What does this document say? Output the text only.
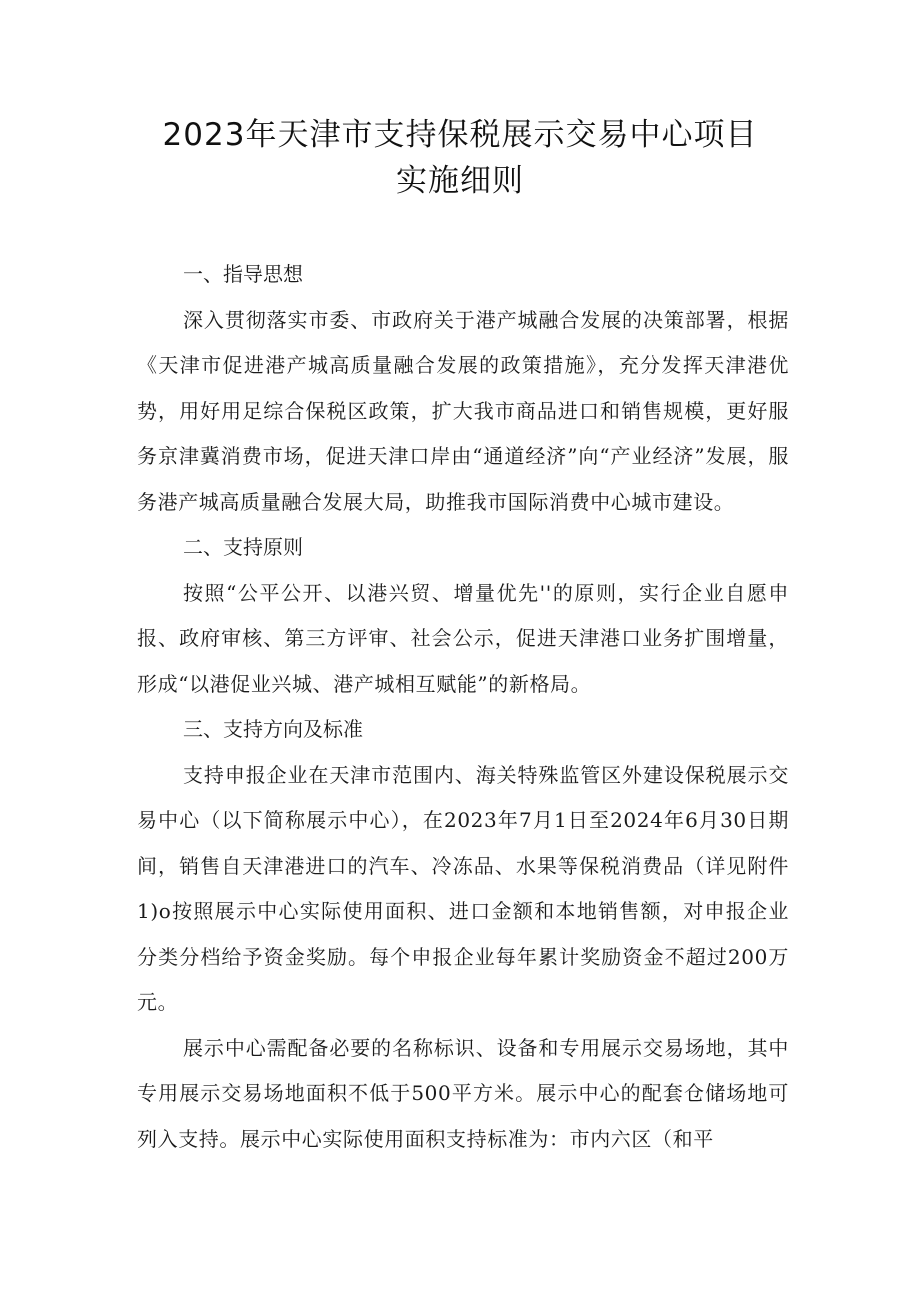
2023年天津市支持保税展示交易中心项目
实施细则

一、指导思想

深入贯彻落实市委、市政府关于港产城融合发展的决策部署，根据《天津市促进港产城高质量融合发展的政策措施》，充分发挥天津港优势，用好用足综合保税区政策，扩大我市商品进口和销售规模，更好服务京津冀消费市场，促进天津口岸由“通道经济”向“产业经济”发展，服务港产城高质量融合发展大局，助推我市国际消费中心城市建设。

二、支持原则

按照“公平公开、以港兴贸、增量优先''的原则，实行企业自愿申报、政府审核、第三方评审、社会公示，促进天津港口业务扩围增量，形成“以港促业兴城、港产城相互赋能”的新格局。

三、支持方向及标准

支持申报企业在天津市范围内、海关特殊监管区外建设保税展示交易中心（以下简称展示中心），在2023年7月1日至2024年6月30日期间，销售自天津港进口的汽车、冷冻品、水果等保税消费品（详见附件1)o按照展示中心实际使用面积、进口金额和本地销售额，对申报企业分类分档给予资金奖励。每个申报企业每年累计奖励资金不超过200万元。

展示中心需配备必要的名称标识、设备和专用展示交易场地，其中专用展示交易场地面积不低于500平方米。展示中心的配套仓储场地可列入支持。展示中心实际使用面积支持标准为：市内六区（和平
